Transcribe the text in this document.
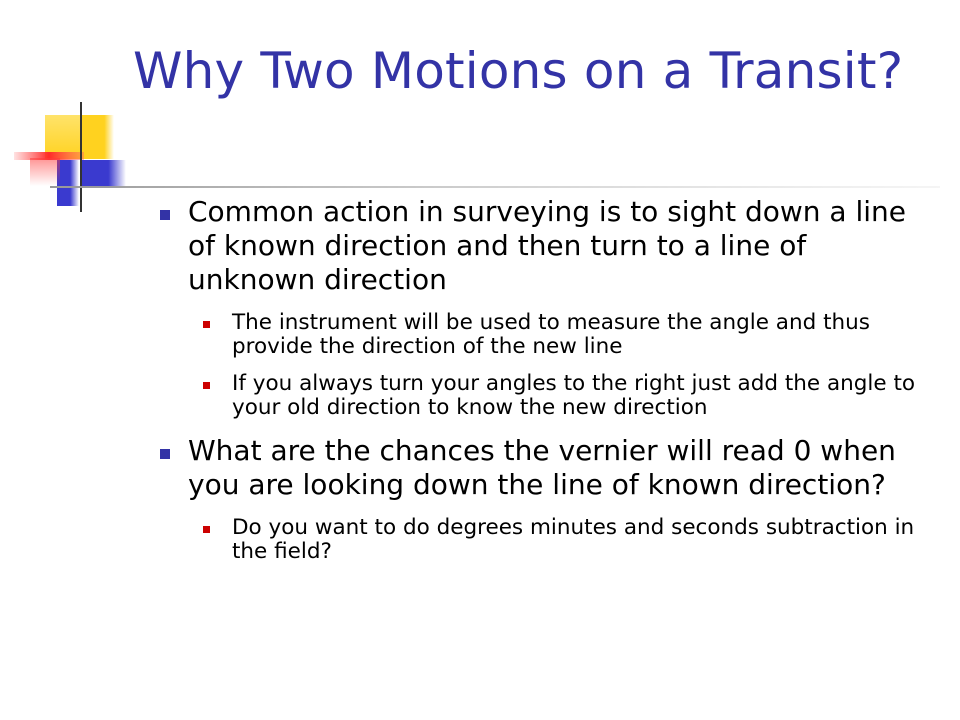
Why Two Motions on a Transit?
Common action in surveying is to sight down a line of known direction and then turn to a line of unknown direction
The instrument will be used to measure the angle and thus provide the direction of the new line
If you always turn your angles to the right just add the angle to your old direction to know the new direction
What are the chances the vernier will read 0 when you are looking down the line of known direction?
Do you want to do degrees minutes and seconds subtraction in the field?
